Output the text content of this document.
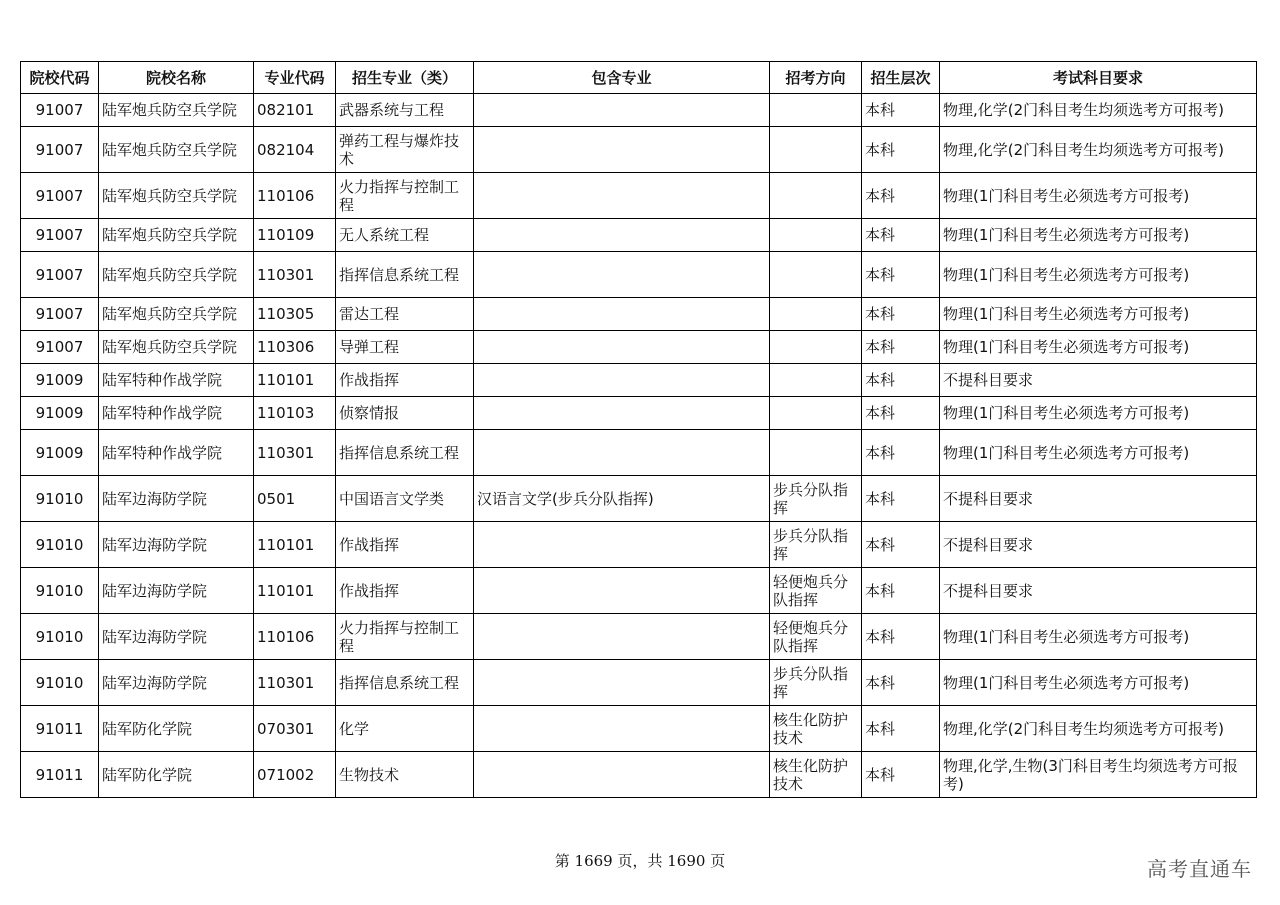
院校代码	院校名称	专业代码	招生专业（类）	包含专业	招考方向	招生层次	考试科目要求
91007	陆军炮兵防空兵学院	082101	武器系统与工程			本科	物理,化学(2门科目考生均须选考方可报考)
91007	陆军炮兵防空兵学院	082104	弹药工程与爆炸技术			本科	物理,化学(2门科目考生均须选考方可报考)
91007	陆军炮兵防空兵学院	110106	火力指挥与控制工程			本科	物理(1门科目考生必须选考方可报考)
91007	陆军炮兵防空兵学院	110109	无人系统工程			本科	物理(1门科目考生必须选考方可报考)
91007	陆军炮兵防空兵学院	110301	指挥信息系统工程			本科	物理(1门科目考生必须选考方可报考)
91007	陆军炮兵防空兵学院	110305	雷达工程			本科	物理(1门科目考生必须选考方可报考)
91007	陆军炮兵防空兵学院	110306	导弹工程			本科	物理(1门科目考生必须选考方可报考)
91009	陆军特种作战学院	110101	作战指挥			本科	不提科目要求
91009	陆军特种作战学院	110103	侦察情报			本科	物理(1门科目考生必须选考方可报考)
91009	陆军特种作战学院	110301	指挥信息系统工程			本科	物理(1门科目考生必须选考方可报考)
91010	陆军边海防学院	0501	中国语言文学类	汉语言文学(步兵分队指挥)	步兵分队指挥	本科	不提科目要求
91010	陆军边海防学院	110101	作战指挥		步兵分队指挥	本科	不提科目要求
91010	陆军边海防学院	110101	作战指挥		轻便炮兵分队指挥	本科	不提科目要求
91010	陆军边海防学院	110106	火力指挥与控制工程		轻便炮兵分队指挥	本科	物理(1门科目考生必须选考方可报考)
91010	陆军边海防学院	110301	指挥信息系统工程		步兵分队指挥	本科	物理(1门科目考生必须选考方可报考)
91011	陆军防化学院	070301	化学		核生化防护技术	本科	物理,化学(2门科目考生均须选考方可报考)
91011	陆军防化学院	071002	生物技术		核生化防护技术	本科	物理,化学,生物(3门科目考生均须选考方可报考)
第 1669 页，共 1690 页	高考直通车
